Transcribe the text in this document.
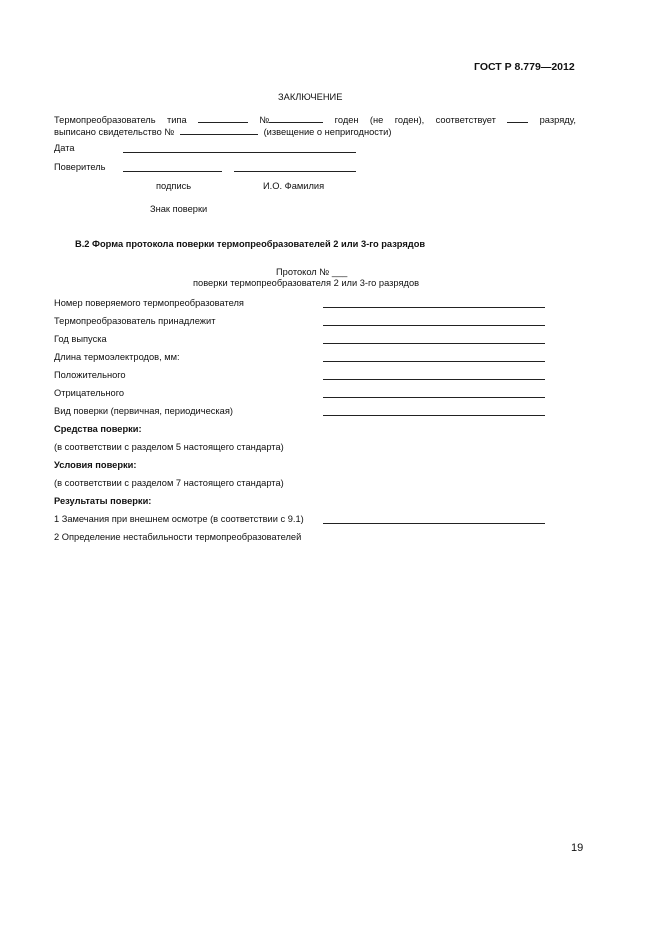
ГОСТ Р 8.779—2012
ЗАКЛЮЧЕНИЕ
Термопреобразователь типа	№	годен (не годен), соответствует	разряду,
выписано свидетельство №	(извещение о непригодности)
Дата
Поверитель
подпись	И.О. Фамилия
Знак поверки
В.2 Форма протокола поверки термопреобразователей 2 или 3-го разрядов
Протокол № ___
поверки термопреобразователя 2 или 3-го разрядов
Номер поверяемого термопреобразователя
Термопреобразователь принадлежит
Год выпуска
Длина термоэлектродов, мм:
Положительного
Отрицательного
Вид поверки (первичная, периодическая)
Средства поверки:
(в соответствии с разделом 5 настоящего стандарта)
Условия поверки:
(в соответствии с разделом 7 настоящего стандарта)
Результаты поверки:
1 Замечания при внешнем осмотре (в соответствии с 9.1)
2 Определение нестабильности термопреобразователей
19
